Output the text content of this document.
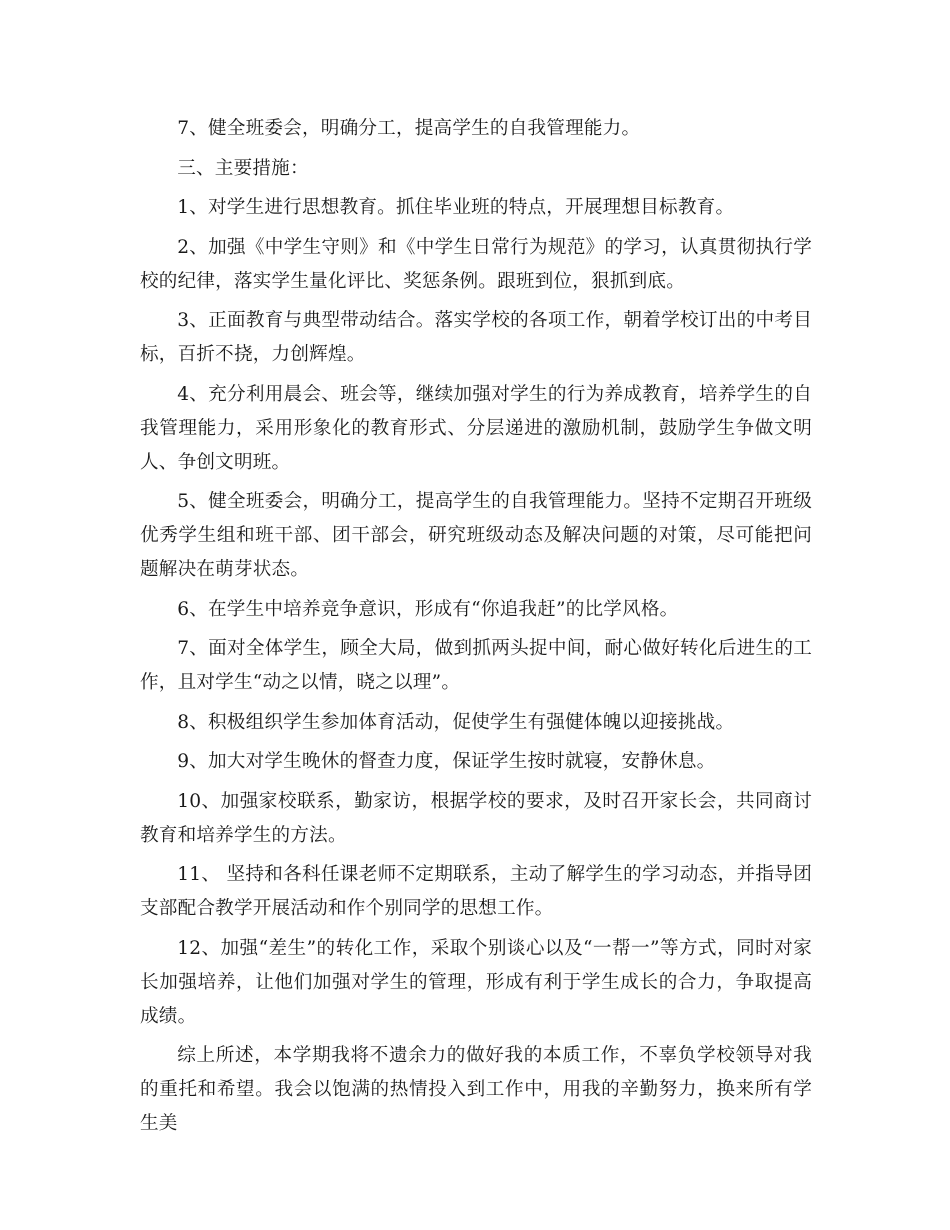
7、健全班委会，明确分工，提高学生的自我管理能力。

三、主要措施：

1、对学生进行思想教育。抓住毕业班的特点，开展理想目标教育。

2、加强《中学生守则》和《中学生日常行为规范》的学习，认真贯彻执行学校的纪律，落实学生量化评比、奖惩条例。跟班到位，狠抓到底。

3、正面教育与典型带动结合。落实学校的各项工作，朝着学校订出的中考目标，百折不挠，力创辉煌。

4、充分利用晨会、班会等，继续加强对学生的行为养成教育，培养学生的自我管理能力，采用形象化的教育形式、分层递进的激励机制，鼓励学生争做文明人、争创文明班。

5、健全班委会，明确分工，提高学生的自我管理能力。坚持不定期召开班级优秀学生组和班干部、团干部会，研究班级动态及解决问题的对策，尽可能把问题解决在萌芽状态。

6、在学生中培养竞争意识，形成有“你追我赶”的比学风格。

7、面对全体学生，顾全大局，做到抓两头捉中间，耐心做好转化后进生的工作，且对学生“动之以情，晓之以理”。

8、积极组织学生参加体育活动，促使学生有强健体魄以迎接挑战。

9、加大对学生晚休的督查力度，保证学生按时就寝，安静休息。

10、加强家校联系，勤家访，根据学校的要求，及时召开家长会，共同商讨教育和培养学生的方法。

11、 坚持和各科任课老师不定期联系，主动了解学生的学习动态，并指导团支部配合教学开展活动和作个别同学的思想工作。

12、加强“差生”的转化工作，采取个别谈心以及“一帮一”等方式，同时对家长加强培养，让他们加强对学生的管理，形成有利于学生成长的合力，争取提高成绩。

综上所述，本学期我将不遗余力的做好我的本质工作，不辜负学校领导对我的重托和希望。我会以饱满的热情投入到工作中，用我的辛勤努力，换来所有学生美
